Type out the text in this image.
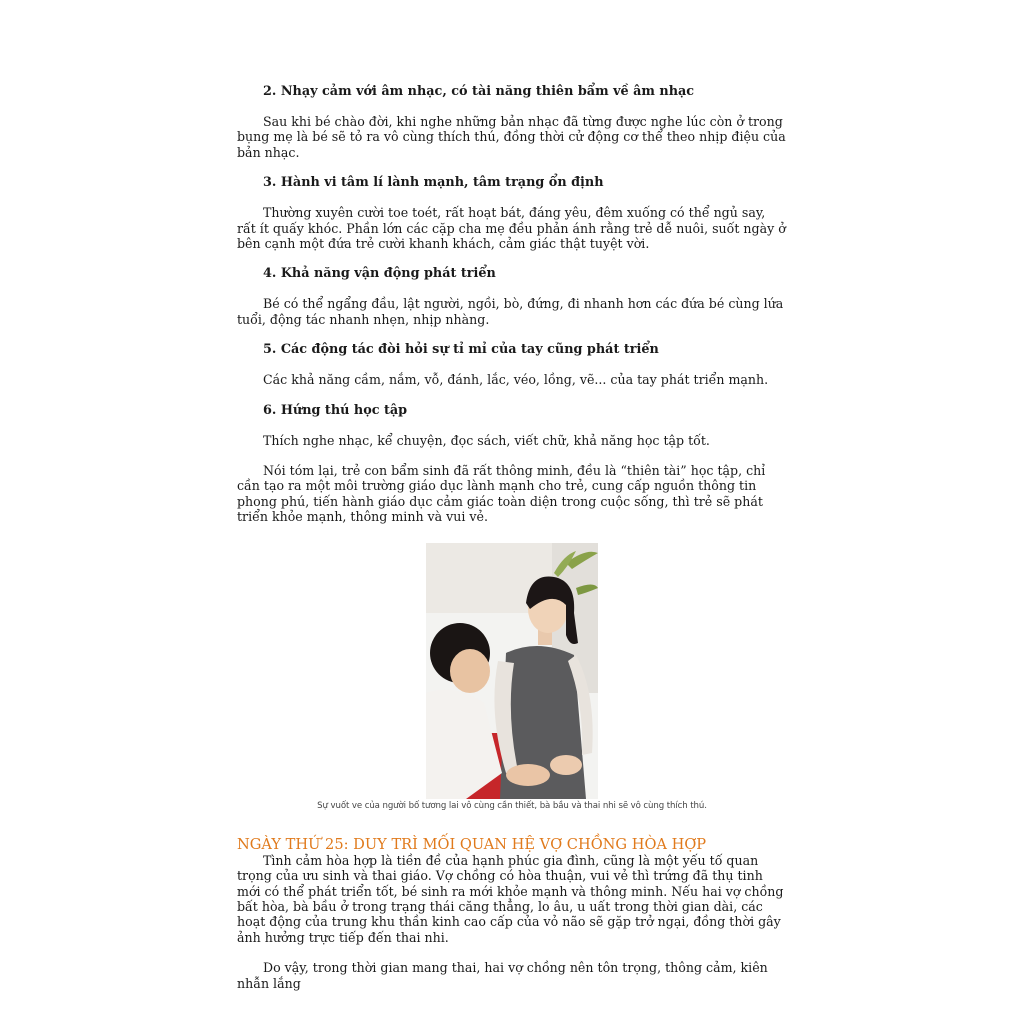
2. Nhạy cảm với âm nhạc, có tài năng thiên bẩm về âm nhạc

Sau khi bé chào đời, khi nghe những bản nhạc đã từng được nghe lúc còn ở trong bụng mẹ là bé sẽ tỏ ra vô cùng thích thú, đồng thời cử động cơ thể theo nhịp điệu của bản nhạc.

3. Hành vi tâm lí lành mạnh, tâm trạng ổn định

Thường xuyên cười toe toét, rất hoạt bát, đáng yêu, đêm xuống có thể ngủ say, rất ít quấy khóc. Phần lớn các cặp cha mẹ đều phản ánh rằng trẻ dễ nuôi, suốt ngày ở bên cạnh một đứa trẻ cười khanh khách, cảm giác thật tuyệt vời.

4. Khả năng vận động phát triển

Bé có thể ngẩng đầu, lật người, ngồi, bò, đứng, đi nhanh hơn các đứa bé cùng lứa tuổi, động tác nhanh nhẹn, nhịp nhàng.

5. Các động tác đòi hỏi sự tỉ mỉ của tay cũng phát triển

Các khả năng cầm, nắm, vỗ, đánh, lắc, véo, lồng, vẽ... của tay phát triển mạnh.

6. Hứng thú học tập

Thích nghe nhạc, kể chuyện, đọc sách, viết chữ, khả năng học tập tốt.

Nói tóm lại, trẻ con bẩm sinh đã rất thông minh, đều là “thiên tài” học tập, chỉ cần tạo ra một môi trường giáo dục lành mạnh cho trẻ, cung cấp nguồn thông tin phong phú, tiến hành giáo dục cảm giác toàn diện trong cuộc sống, thì trẻ sẽ phát triển khỏe mạnh, thông minh và vui vẻ.

Sự vuốt ve của người bố tương lai vô cùng cần thiết, bà bầu và thai nhi sẽ vô cùng thích thú.
NGÀY THỨ 25: DUY TRÌ MỐI QUAN HỆ VỢ CHỒNG HÒA HỢP

Tình cảm hòa hợp là tiền đề của hạnh phúc gia đình, cũng là một yếu tố quan trọng của ưu sinh và thai giáo. Vợ chồng có hòa thuận, vui vẻ thì trứng đã thụ tinh mới có thể phát triển tốt, bé sinh ra mới khỏe mạnh và thông minh. Nếu hai vợ chồng bất hòa, bà bầu ở trong trạng thái căng thẳng, lo âu, u uất trong thời gian dài, các hoạt động của trung khu thần kinh cao cấp của vỏ não sẽ gặp trở ngại, đồng thời gây ảnh hưởng trực tiếp đến thai nhi.

Do vậy, trong thời gian mang thai, hai vợ chồng nên tôn trọng, thông cảm, kiên nhẫn lắng
